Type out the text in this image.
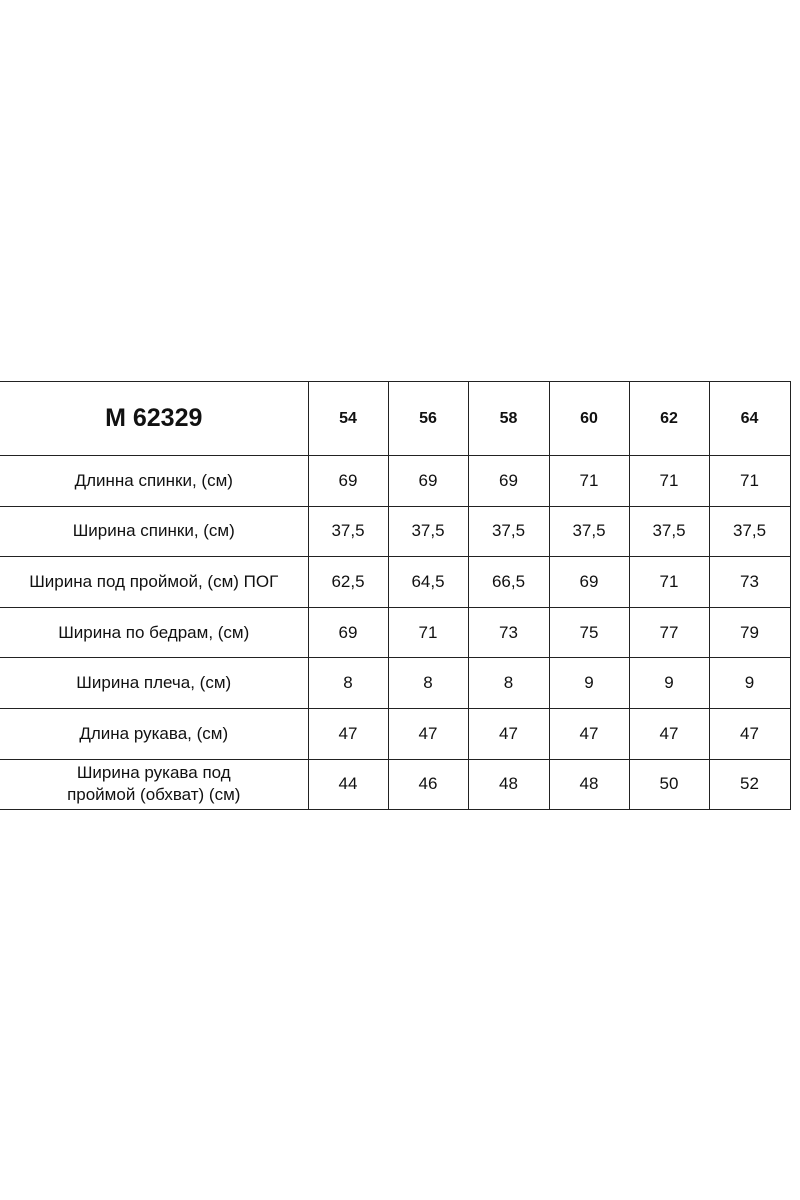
М 62329	54	56	58	60	62	64
Длинна спинки, (см)	69	69	69	71	71	71
Ширина спинки, (см)	37,5	37,5	37,5	37,5	37,5	37,5
Ширина под проймой, (см) ПОГ	62,5	64,5	66,5	69	71	73
Ширина по бедрам, (см)	69	71	73	75	77	79
Ширина плеча, (см)	8	8	8	9	9	9
Длина рукава, (см)	47	47	47	47	47	47
Ширина рукава под
проймой (обхват) (см)	44	46	48	48	50	52
